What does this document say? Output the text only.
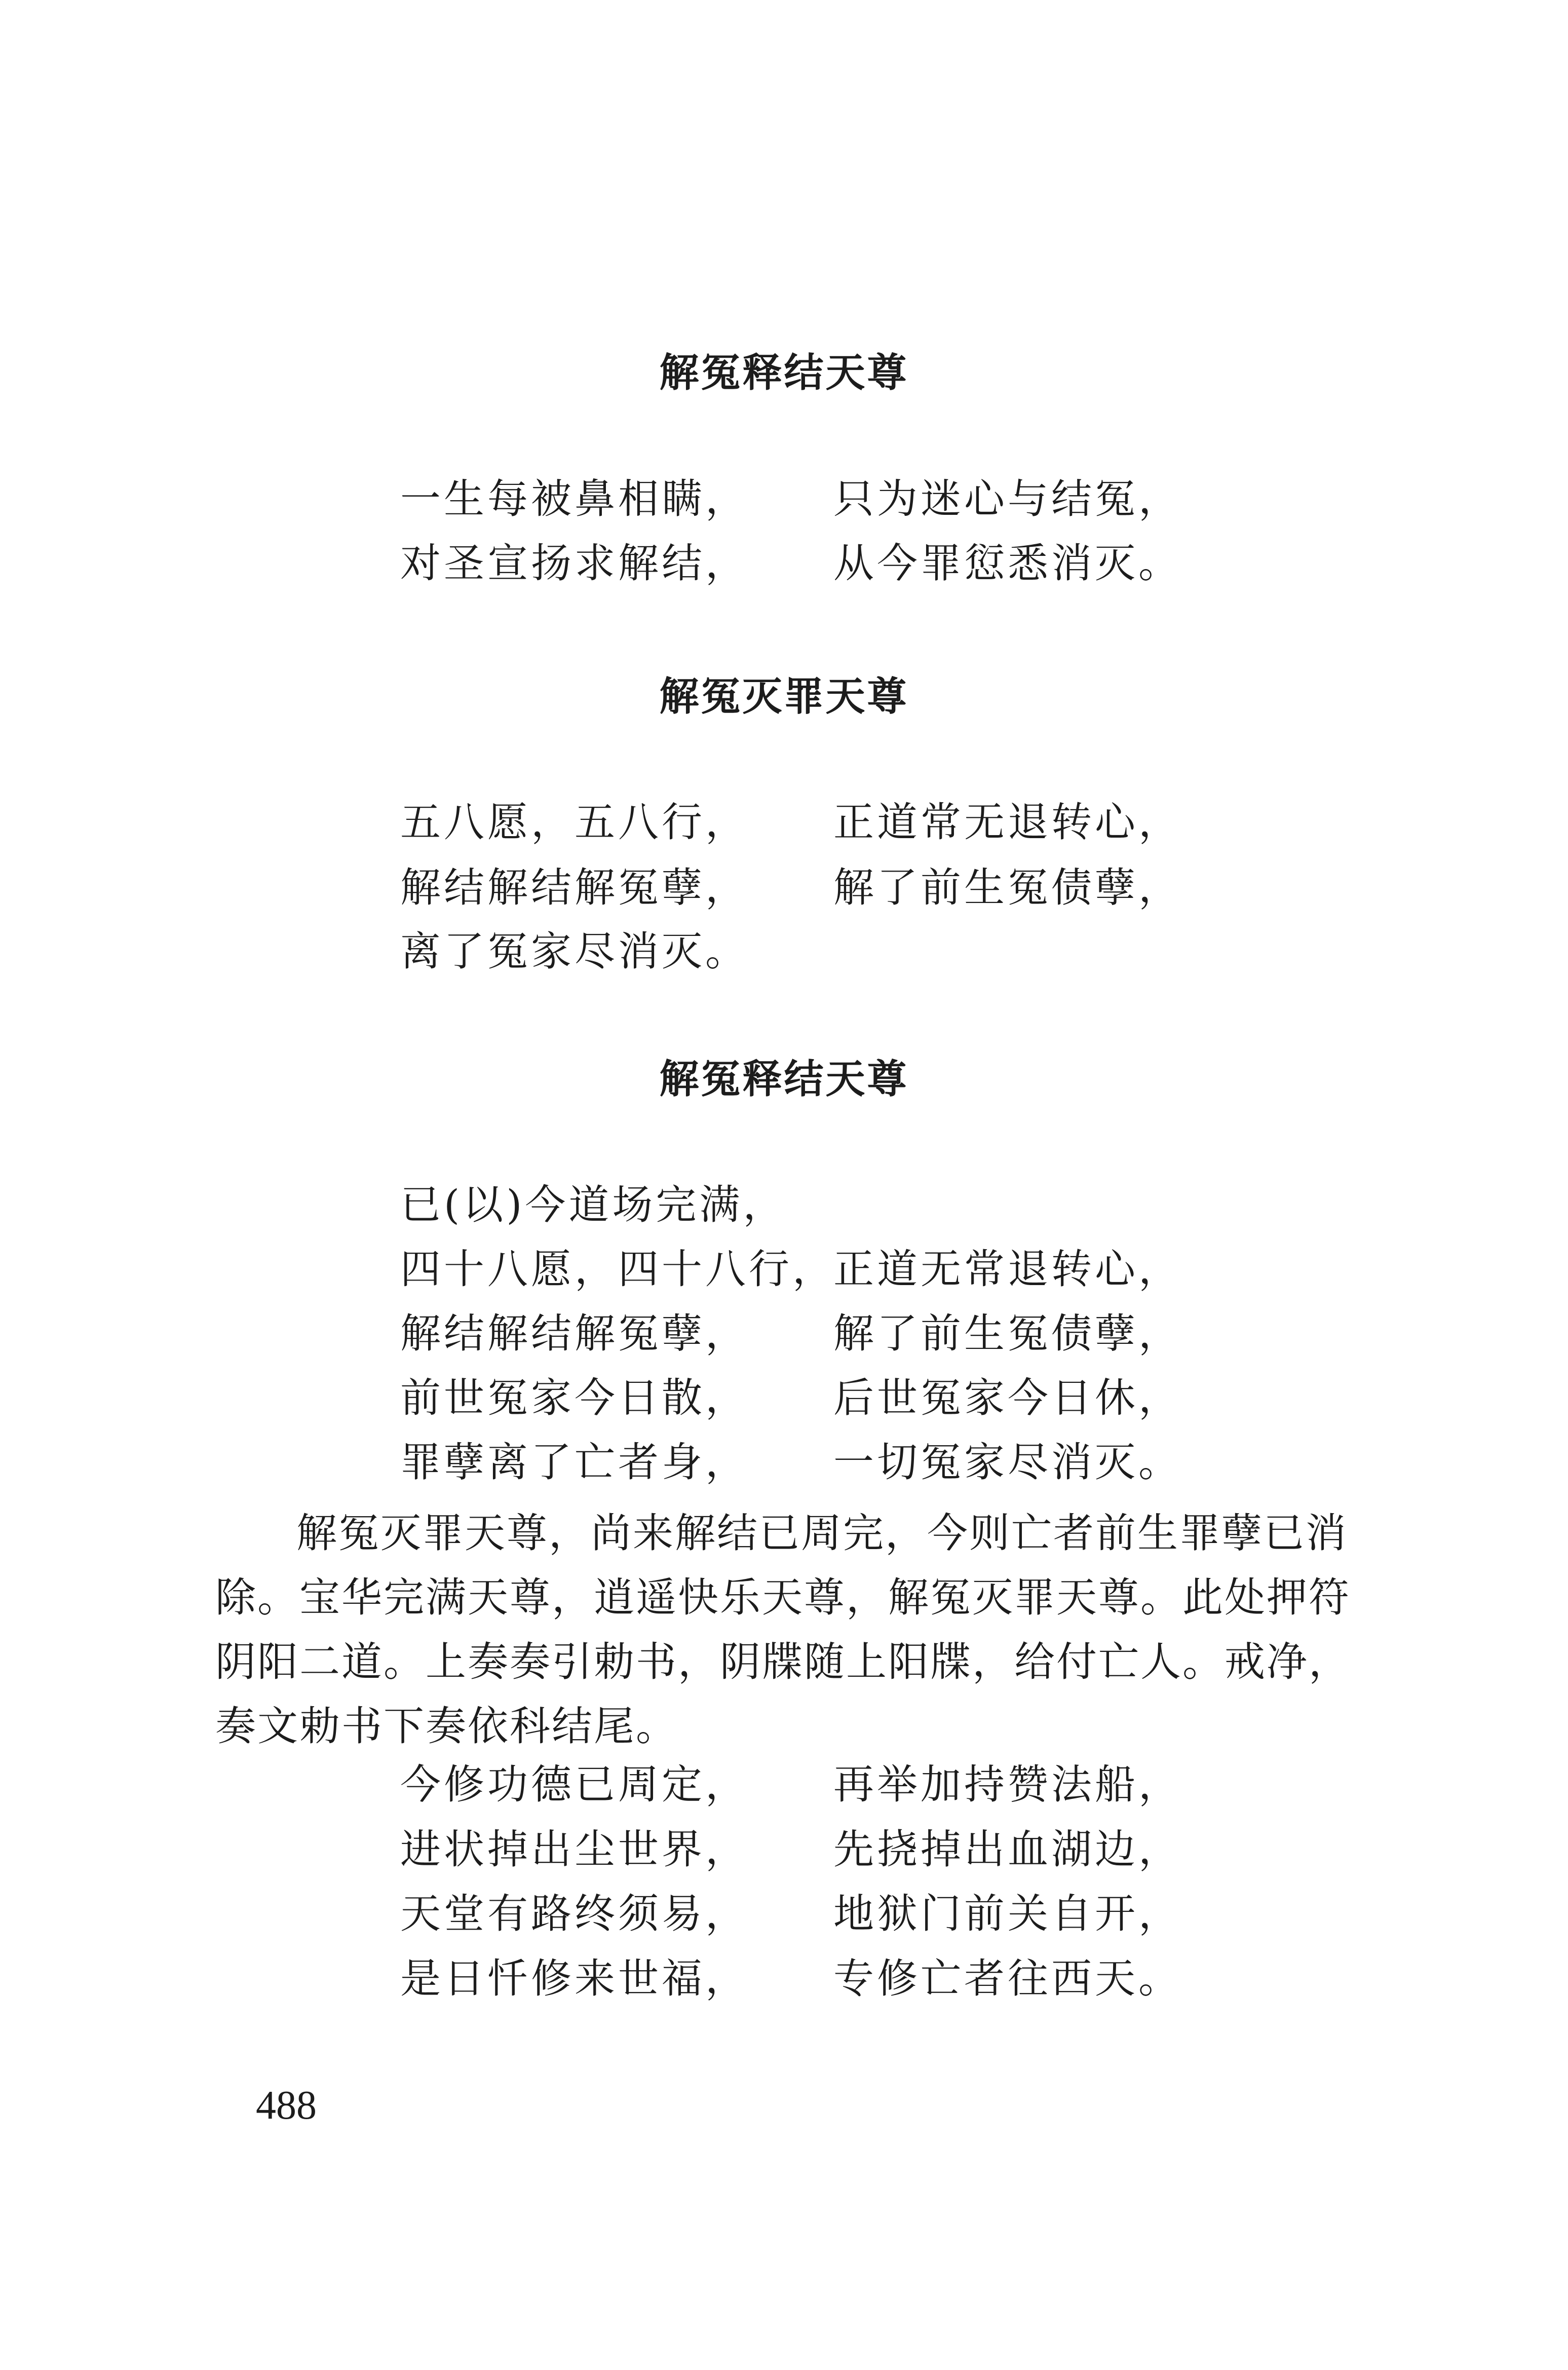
解冤释结天尊
一生每被鼻相瞒， 只为迷心与结冤，
对圣宣扬求解结， 从今罪愆悉消灭。
解冤灭罪天尊
五八愿，五八行， 正道常无退转心，
解结解结解冤孽， 解了前生冤债孽，
离了冤家尽消灭。
解冤释结天尊
已(以)今道场完满，
四十八愿，四十八行，
正道无常退转心，
解结解结解冤孽， 解了前生冤债孽，
前世冤家今日散， 后世冤家今日休，
罪孽离了亡者身， 一切冤家尽消灭。

解冤灭罪天尊，尚来解结已周完，今则亡者前生罪孽已消除。宝华完满天尊，逍遥快乐天尊，解冤灭罪天尊。此处押符阴阳二道。上奏奏引勅书，阴牒随上阳牒，给付亡人。戒净，奏文勅书下奏依科结尾。

今修功德已周定， 再举加持赞法船，
进状掉出尘世界， 先挠掉出血湖边，
天堂有路终须易， 地狱门前关自开，
是日忏修来世福， 专修亡者往西天。
488
